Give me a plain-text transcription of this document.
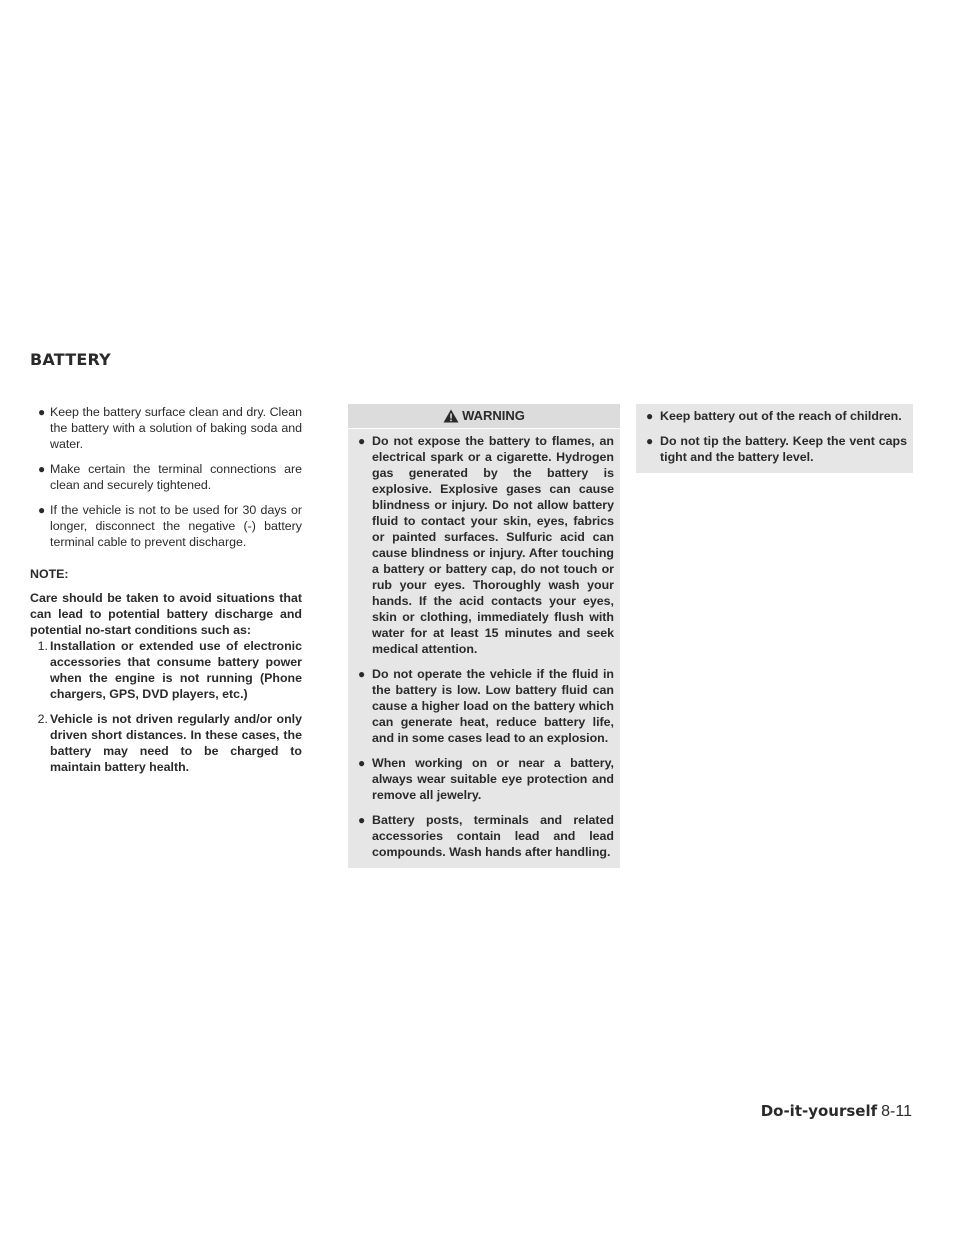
BATTERY

● Keep the battery surface clean and dry. Clean the battery with a solution of baking soda and water.

● Make certain the terminal connections are clean and securely tightened.

● If the vehicle is not to be used for 30 days or longer, disconnect the negative (-) battery terminal cable to prevent discharge.

NOTE:

Care should be taken to avoid situations that can lead to potential battery discharge and potential no-start conditions such as:

1. Installation or extended use of electronic accessories that consume battery power when the engine is not running (Phone chargers, GPS, DVD players, etc.)

2. Vehicle is not driven regularly and/or only driven short distances. In these cases, the battery may need to be charged to maintain battery health.

WARNING

● Do not expose the battery to flames, an electrical spark or a cigarette. Hydrogen gas generated by the battery is explosive. Explosive gases can cause blindness or injury. Do not allow battery fluid to contact your skin, eyes, fabrics or painted surfaces. Sulfuric acid can cause blindness or injury. After touching a battery or battery cap, do not touch or rub your eyes. Thoroughly wash your hands. If the acid contacts your eyes, skin or clothing, immediately flush with water for at least 15 minutes and seek medical attention.

● Do not operate the vehicle if the fluid in the battery is low. Low battery fluid can cause a higher load on the battery which can generate heat, reduce battery life, and in some cases lead to an explosion.

● When working on or near a battery, always wear suitable eye protection and remove all jewelry.

● Battery posts, terminals and related accessories contain lead and lead compounds. Wash hands after handling.

● Keep battery out of the reach of children.

● Do not tip the battery. Keep the vent caps tight and the battery level.

Do-it-yourself 8-11
